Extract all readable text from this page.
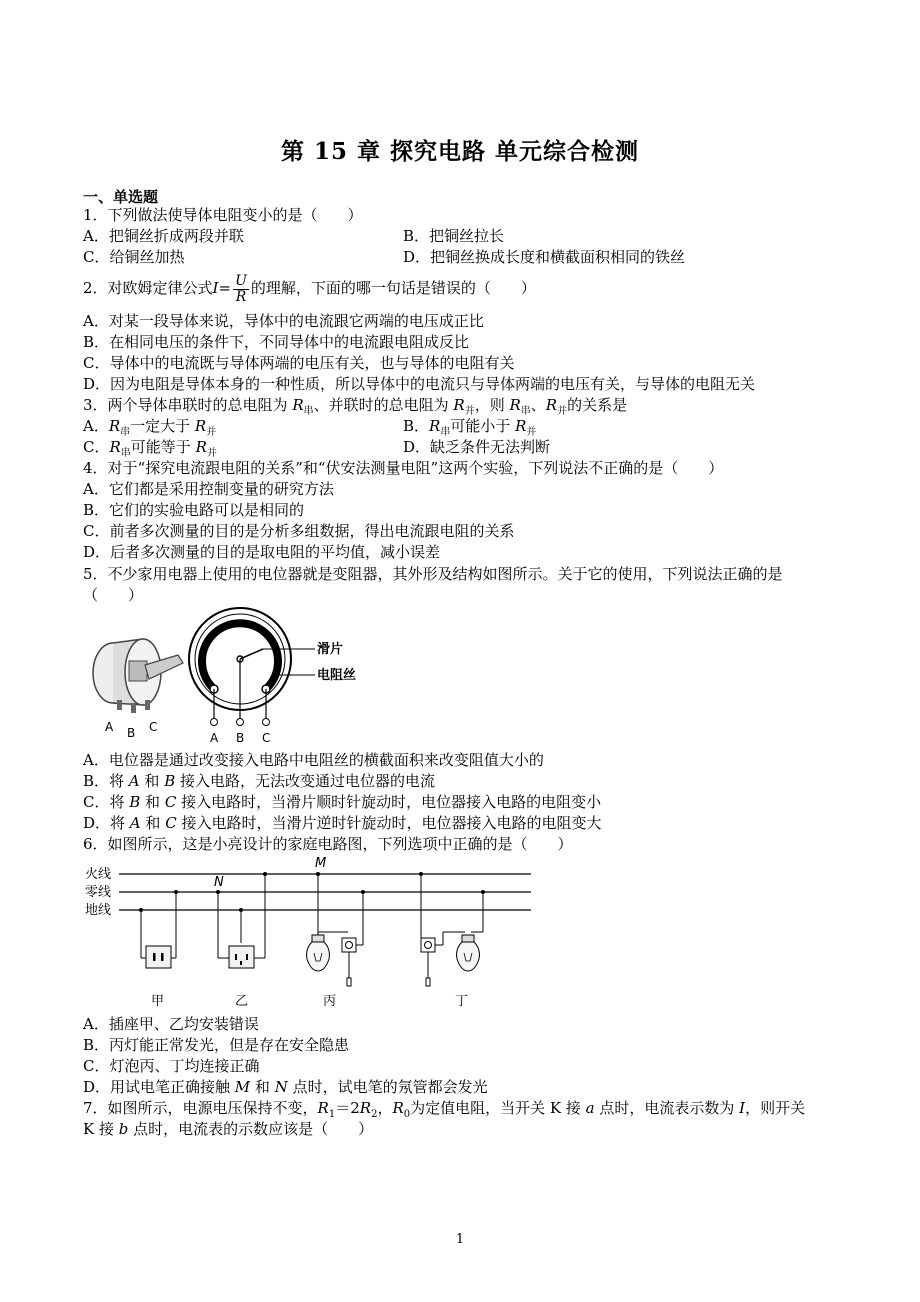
第 15 章 探究电路 单元综合检测
一、单选题
1．下列做法使导体电阻变小的是（　　）
A．把铜丝折成两段并联	B．把铜丝拉长
C．给铜丝加热	D．把铜丝换成长度和横截面积相同的铁丝
2．对欧姆定律公式$I= \frac{U}{R}$ 的理解，下面的哪一句话是错误的（　　）
A．对某一段导体来说，导体中的电流跟它两端的电压成正比
B．在相同电压的条件下，不同导体中的电流跟电阻成反比
C．导体中的电流既与导体两端的电压有关，也与导体的电阻有关
D．因为电阻是导体本身的一种性质，所以导体中的电流只与导体两端的电压有关，与导体的电阻无关
3．两个导体串联时的总电阻为 $R_串$、并联时的总电阻为 $R_并$，则 $R_串$、$R_并$的关系是
A．$R_串$一定大于 $R_并$	B．$R_串$可能小于 $R_并$
C．$R_串$可能等于 $R_并$	D．缺乏条件无法判断
4．对于“探究电流跟电阻的关系”和“伏安法测量电阻”这两个实验，下列说法不正确的是（　　）
A．它们都是采用控制变量的研究方法
B．它们的实验电路可以是相同的
C．前者多次测量的目的是分析多组数据，得出电流跟电阻的关系
D．后者多次测量的目的是取电阻的平均值，减小误差
5．不少家用电器上使用的电位器就是变阻器，其外形及结构如图所示。关于它的使用，下列说法正确的是
（　　）
A B C
A B C
滑片
电阻丝
A．电位器是通过改变接入电路中电阻丝的横截面积来改变阻值大小的
B．将 A 和 B 接入电路，无法改变通过电位器的电流
C．将 B 和 C 接入电路时，当滑片顺时针旋动时，电位器接入电路的电阻变小
D．将 A 和 C 接入电路时，当滑片逆时针旋动时，电位器接入电路的电阻变大
6．如图所示，这是小亮设计的家庭电路图，下列选项中正确的是（　　）
火线
零线
地线
M
N
甲	乙	丙	丁
A．插座甲、乙均安装错误
B．丙灯能正常发光，但是存在安全隐患
C．灯泡丙、丁均连接正确
D．用试电笔正确接触 M 和 N 点时，试电笔的氖管都会发光
7．如图所示，电源电压保持不变，$R_1=2R_2$，$R_0$为定值电阻，当开关 K 接 a 点时，电流表示数为 I，则开关
K 接 b 点时，电流表的示数应该是（　　）
1
